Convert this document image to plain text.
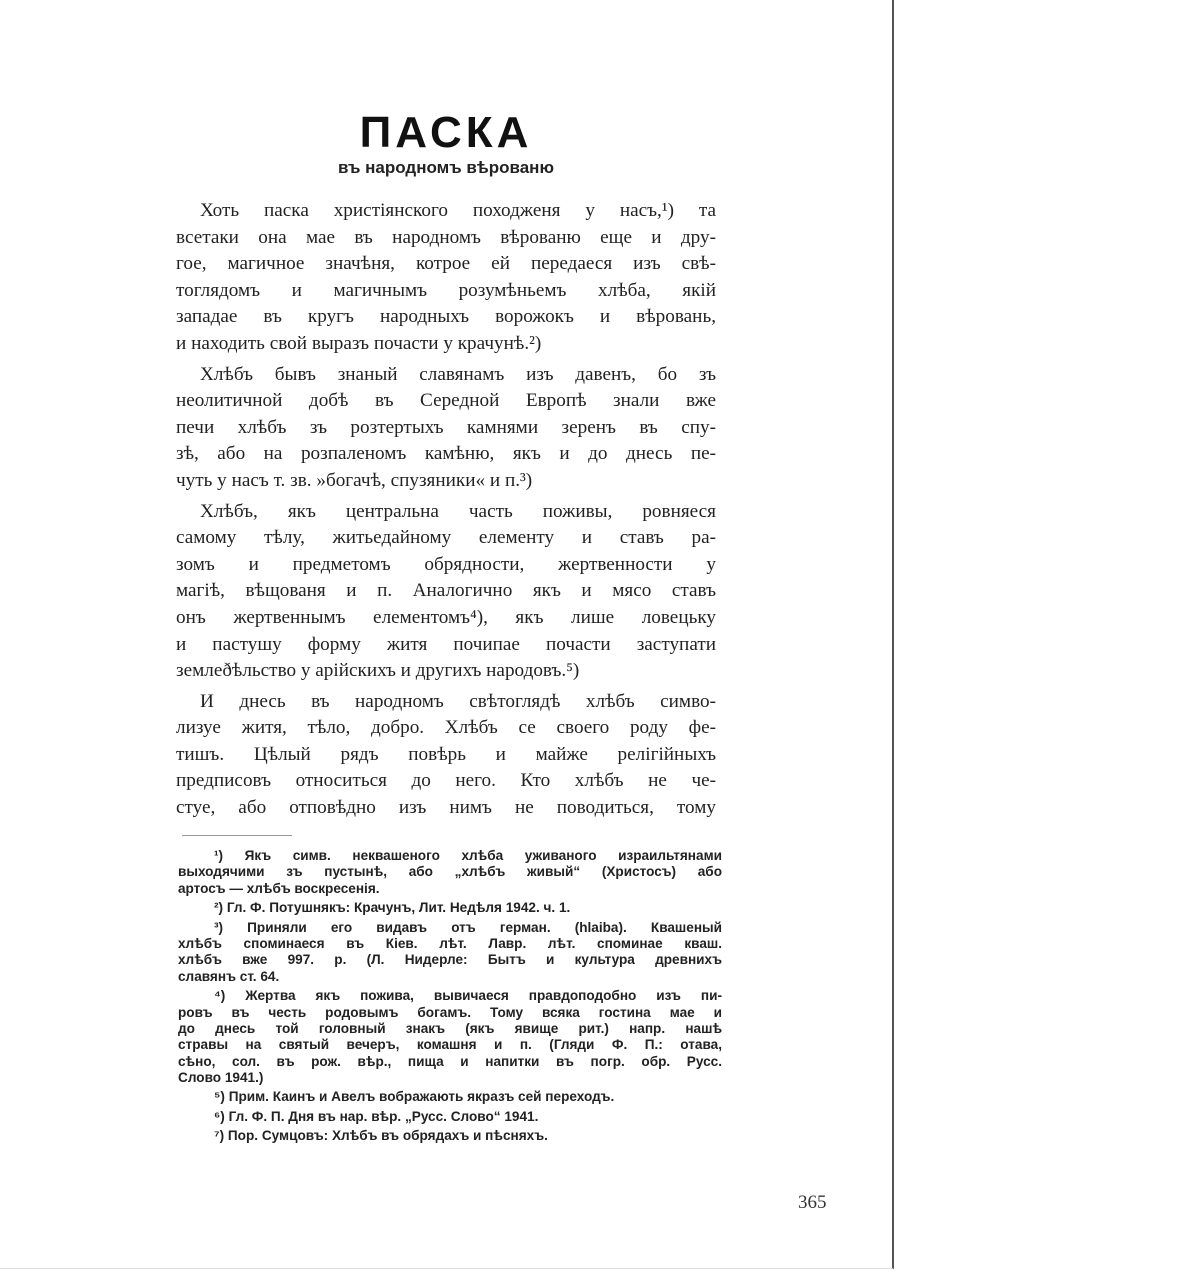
ПАСКА
въ народномъ вѣрованю

Хоть паска христіянского походженя у насъ,¹) та
всетаки она мае въ народномъ вѣрованю еще и дру-
гое, магичное значѣня, котрое ей передаеся изъ свѣ-
тоглядомъ и магичнымъ розумѣньемъ хлѣба, якій
западае въ кругъ народныхъ ворожокъ и вѣровань,
и находить свой выразъ почасти у крачунѣ.²)

Хлѣбъ бывъ знаный славянамъ изъ давенъ, бо зъ
неолитичной добѣ въ Середной Европѣ знали вже
печи хлѣбъ зъ розтертыхъ камнями зеренъ въ спу-
зѣ, або на розпаленомъ камѣню, якъ и до днесь пе-
чуть у насъ т. зв. »богачѣ, спузяники« и п.³)

Хлѣбъ, якъ центральна часть поживы, ровняеся
самому тѣлу, житьедайному елементу и ставъ ра-
зомъ и предметомъ обрядности, жертвенности у
магіѣ, вѣщованя и п. Аналогично якъ и мясо ставъ
онъ жертвеннымъ елементомъ⁴), якъ лише ловецьку
и пастушу форму житя почипае почасти заступати
землеðѣльство у арійскихъ и другихъ народовъ.⁵)

И днесь въ народномъ свѣтоглядѣ хлѣбъ симво-
лизуе житя, тѣло, добро. Хлѣбъ се своего роду фе-
тишъ. Цѣлый рядъ повѣрь и майже релігійныхъ
предписовъ относиться до него. Кто хлѣбъ не че-
стуе, або отповѣдно изъ нимъ не поводиться, тому

¹) Якъ симв. неквашеного хлѣба уживаного израильтянами
выходячими зъ пустынѣ, або „хлѣбъ живый“ (Христосъ) або
артосъ — хлѣбъ воскресенія.

²) Гл. Ф. Потушнякъ: Крачунъ, Лит. Недѣля 1942. ч. 1.

³) Приняли его видавъ отъ герман. (hlaiba). Квашеный
хлѣбъ споминаеся въ Кіев. лѣт. Лавр. лѣт. споминае кваш.
хлѣбъ вже 997. р. (Л. Нидерле: Бытъ и культура древнихъ
славянъ ст. 64.

⁴) Жертва якъ пожива, вывичаеся правдоподобно изъ пи-
ровъ въ честь родовымъ богамъ. Тому всяка гостина мае и
до днесь той головный знакъ (якъ явище рит.) напр. нашѣ
стравы на святый вечеръ, комашня и п. (Гляди Ф. П.: отава,
сѣно, сол. въ рож. вѣр., пища и напитки въ погр. обр. Русс.
Слово 1941.)

⁵) Прим. Каинъ и Авелъ вображають якразъ сей переходъ.

⁶) Гл. Ф. П. Дня въ нар. вѣр. „Русс. Слово“ 1941.

⁷) Пор. Сумцовъ: Хлѣбъ въ обрядахъ и пѣсняхъ.

365
